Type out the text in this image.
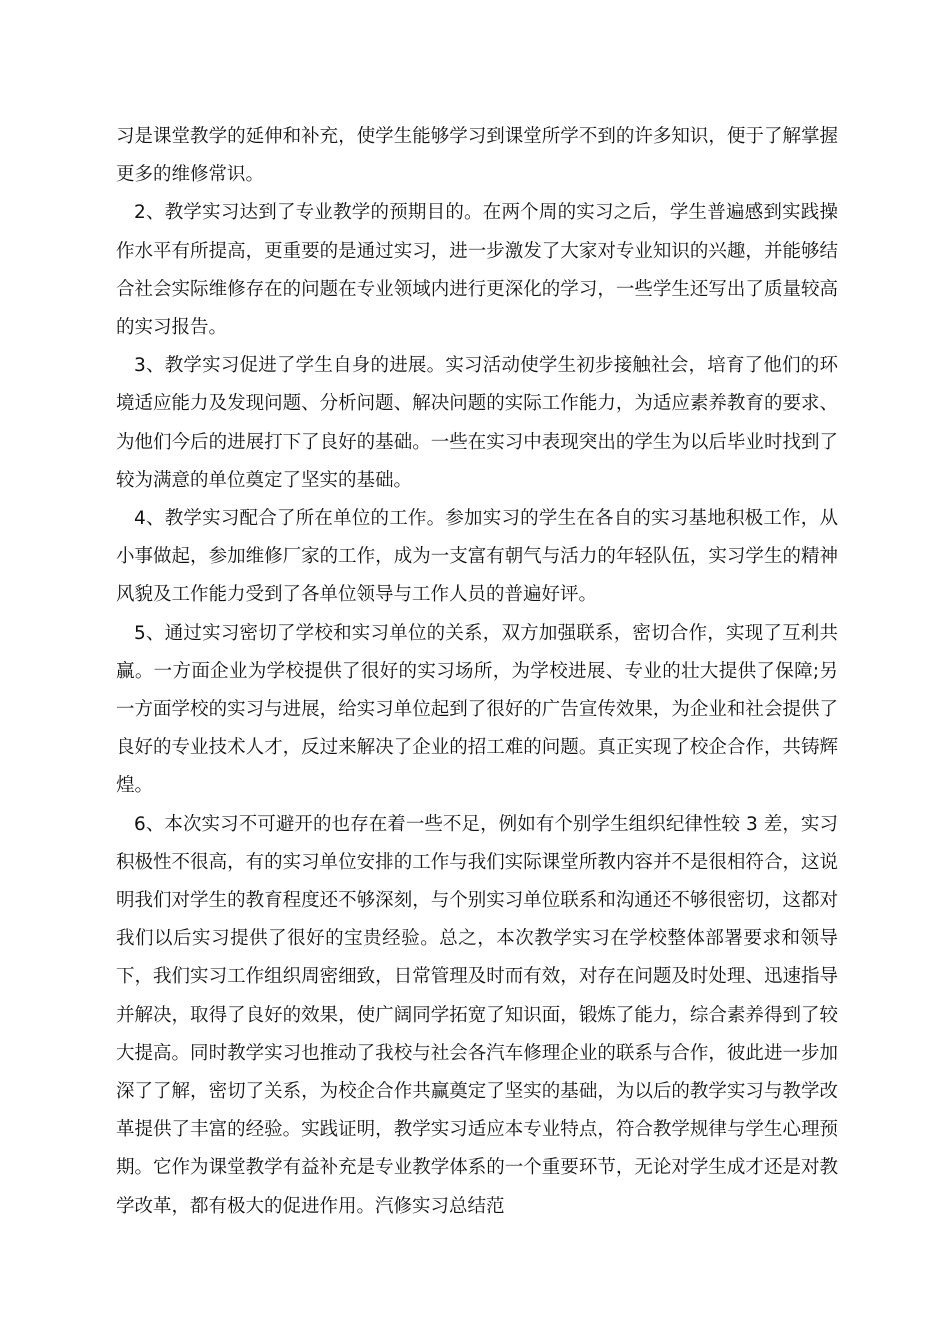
习是课堂教学的延伸和补充，使学生能够学习到课堂所学不到的许多知识，便于了解掌握更多的维修常识。

2、教学实习达到了专业教学的预期目的。在两个周的实习之后，学生普遍感到实践操作水平有所提高，更重要的是通过实习，进一步激发了大家对专业知识的兴趣，并能够结合社会实际维修存在的问题在专业领域内进行更深化的学习，一些学生还写出了质量较高的实习报告。

3、教学实习促进了学生自身的进展。实习活动使学生初步接触社会，培育了他们的环境适应能力及发现问题、分析问题、解决问题的实际工作能力，为适应素养教育的要求、为他们今后的进展打下了良好的基础。一些在实习中表现突出的学生为以后毕业时找到了较为满意的单位奠定了坚实的基础。

4、教学实习配合了所在单位的工作。参加实习的学生在各自的实习基地积极工作，从小事做起，参加维修厂家的工作，成为一支富有朝气与活力的年轻队伍，实习学生的精神风貌及工作能力受到了各单位领导与工作人员的普遍好评。

5、通过实习密切了学校和实习单位的关系，双方加强联系，密切合作，实现了互利共赢。一方面企业为学校提供了很好的实习场所，为学校进展、专业的壮大提供了保障;另一方面学校的实习与进展，给实习单位起到了很好的广告宣传效果，为企业和社会提供了良好的专业技术人才，反过来解决了企业的招工难的问题。真正实现了校企合作，共铸辉煌。

6、本次实习不可避开的也存在着一些不足，例如有个别学生组织纪律性较 3 差，实习积极性不很高，有的实习单位安排的工作与我们实际课堂所教内容并不是很相符合，这说明我们对学生的教育程度还不够深刻，与个别实习单位联系和沟通还不够很密切，这都对我们以后实习提供了很好的宝贵经验。总之，本次教学实习在学校整体部署要求和领导下，我们实习工作组织周密细致，日常管理及时而有效，对存在问题及时处理、迅速指导并解决，取得了良好的效果，使广阔同学拓宽了知识面，锻炼了能力，综合素养得到了较大提高。同时教学实习也推动了我校与社会各汽车修理企业的联系与合作，彼此进一步加深了了解，密切了关系，为校企合作共赢奠定了坚实的基础，为以后的教学实习与教学改革提供了丰富的经验。实践证明，教学实习适应本专业特点，符合教学规律与学生心理预期。它作为课堂教学有益补充是专业教学体系的一个重要环节，无论对学生成才还是对教学改革，都有极大的促进作用。汽修实习总结范
